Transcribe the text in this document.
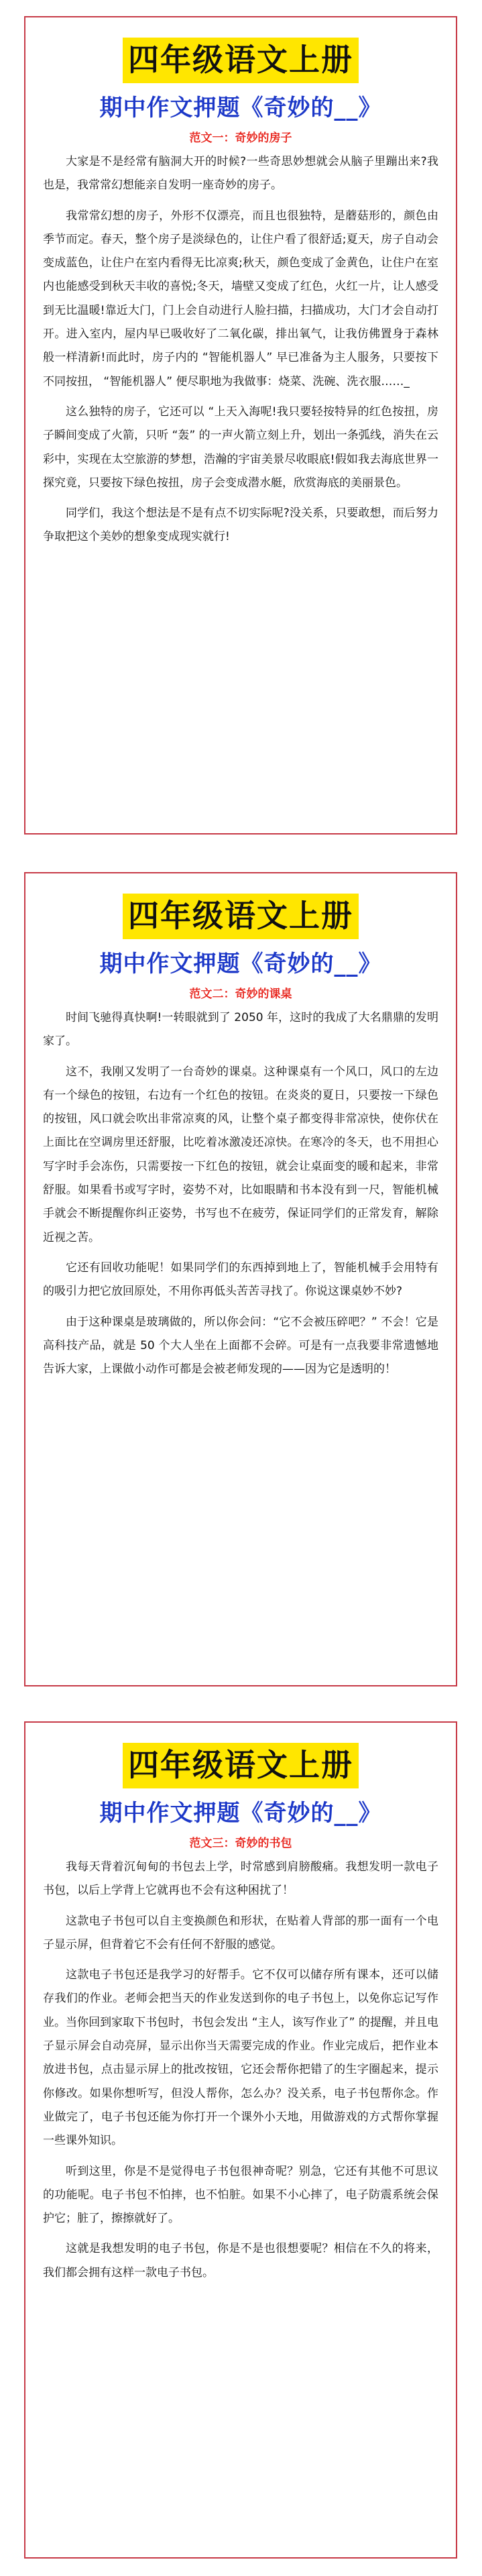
四年级语文上册
期中作文押题《奇妙的__》
范文一：奇妙的房子

大家是不是经常有脑洞大开的时候?一些奇思妙想就会从脑子里蹦出来?我也是，我常常幻想能亲自发明一座奇妙的房子。

我常常幻想的房子，外形不仅漂亮，而且也很独特，是蘑菇形的，颜色由季节而定。春天，整个房子是淡绿色的，让住户看了很舒适;夏天，房子自动会变成蓝色，让住户在室内看得无比凉爽;秋天，颜色变成了金黄色，让住户在室内也能感受到秋天丰收的喜悦;冬天，墙壁又变成了红色，火红一片，让人感受到无比温暖!靠近大门，门上会自动进行人脸扫描，扫描成功，大门才会自动打开。进入室内，屋内早已吸收好了二氧化碳，排出氧气，让我仿佛置身于森林般一样清新!而此时，房子内的 “智能机器人” 早已准备为主人服务，只要按下不同按扭， “智能机器人” 便尽职地为我做事：烧菜、洗碗、洗衣服……_

这么独特的房子，它还可以 “上天入海呢!我只要轻按特异的红色按扭，房子瞬间变成了火箭，只听 “轰” 的一声火箭立刻上升，划出一条弧线，消失在云彩中，实现在太空旅游的梦想，浩瀚的宇宙美景尽收眼底!假如我去海底世界一探究竟，只要按下绿色按扭，房子会变成潜水艇，欣赏海底的美丽景色。

同学们，我这个想法是不是有点不切实际呢?没关系，只要敢想，而后努力争取把这个美妙的想象变成现实就行!

四年级语文上册
期中作文押题《奇妙的__》
范文二：奇妙的课桌

时间飞驰得真快啊!一转眼就到了 2050 年，这时的我成了大名鼎鼎的发明家了。

这不，我刚又发明了一台奇妙的课桌。这种课桌有一个风口，风口的左边有一个绿色的按钮，右边有一个红色的按钮。在炎炎的夏日，只要按一下绿色的按钮，风口就会吹出非常凉爽的风，让整个桌子都变得非常凉快，使你伏在上面比在空调房里还舒服，比吃着冰激凌还凉快。在寒冷的冬天，也不用担心写字时手会冻伤，只需要按一下红色的按钮，就会让桌面变的暖和起来，非常舒服。如果看书或写字时，姿势不对，比如眼睛和书本没有到一尺，智能机械手就会不断提醒你纠正姿势，书写也不在疲劳，保证同学们的正常发育，解除近视之苦。

它还有回收功能呢！如果同学们的东西掉到地上了，智能机械手会用特有的吸引力把它放回原处，不用你再低头苦苦寻找了。你说这课桌妙不妙?

由于这种课桌是玻璃做的，所以你会问：“它不会被压碎吧？” 不会！它是高科技产品，就是 50 个大人坐在上面都不会碎。可是有一点我要非常遗憾地告诉大家，上课做小动作可都是会被老师发现的——因为它是透明的！

四年级语文上册
期中作文押题《奇妙的__》
范文三：奇妙的书包

我每天背着沉甸甸的书包去上学，时常感到肩膀酸痛。我想发明一款电子书包，以后上学背上它就再也不会有这种困扰了！

这款电子书包可以自主变换颜色和形状，在贴着人背部的那一面有一个电子显示屏，但背着它不会有任何不舒服的感觉。

这款电子书包还是我学习的好帮手。它不仅可以储存所有课本，还可以储存我们的作业。老师会把当天的作业发送到你的电子书包上，以免你忘记写作业。当你回到家取下书包时，书包会发出 “主人，该写作业了” 的提醒，并且电子显示屏会自动亮屏，显示出你当天需要完成的作业。作业完成后，把作业本放进书包，点击显示屏上的批改按钮，它还会帮你把错了的生字圈起来，提示你修改。如果你想听写，但没人帮你，怎么办？没关系，电子书包帮你念。作业做完了，电子书包还能为你打开一个课外小天地，用做游戏的方式帮你掌握一些课外知识。

听到这里，你是不是觉得电子书包很神奇呢？别急，它还有其他不可思议的功能呢。电子书包不怕摔，也不怕脏。如果不小心摔了，电子防震系统会保护它；脏了，擦擦就好了。

这就是我想发明的电子书包，你是不是也很想要呢？相信在不久的将来，我们都会拥有这样一款电子书包。
